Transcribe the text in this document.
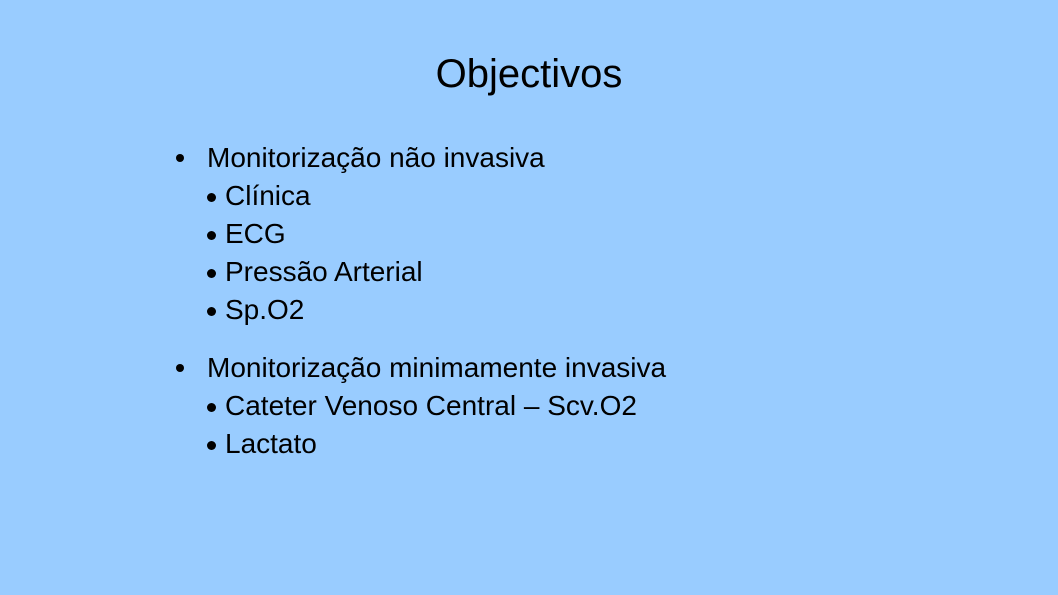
Objectivos
Monitorização não invasiva
Clínica
ECG
Pressão Arterial
Sp.O2
Monitorização minimamente invasiva
Cateter Venoso Central – Scv.O2
Lactato
